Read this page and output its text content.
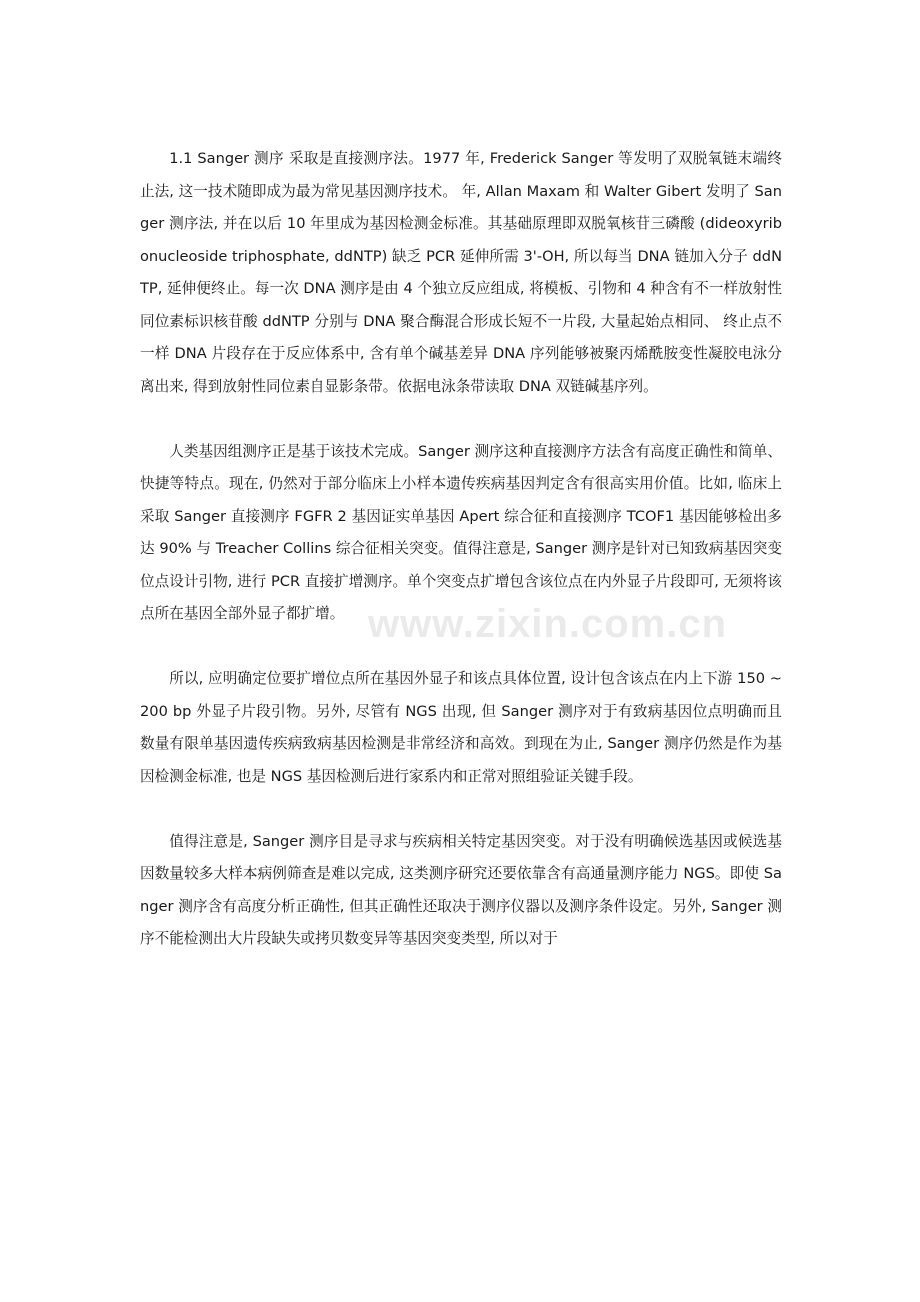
1.1 Sanger 测序 采取是直接测序法。1977 年, Frederick Sanger 等发明了双脱氧链末端终止法, 这一技术随即成为最为常见基因测序技术。 年, Allan Maxam 和 Walter Gibert 发明了 Sanger 测序法, 并在以后 10 年里成为基因检测金标准。其基础原理即双脱氧核苷三磷酸 (dideoxyribonucleoside triphosphate, ddNTP) 缺乏 PCR 延伸所需 3'-OH, 所以每当 DNA 链加入分子 ddNTP, 延伸便终止。每一次 DNA 测序是由 4 个独立反应组成, 将模板、引物和 4 种含有不一样放射性同位素标识核苷酸 ddNTP 分别与 DNA 聚合酶混合形成长短不一片段, 大量起始点相同、 终止点不一样 DNA 片段存在于反应体系中, 含有单个碱基差异 DNA 序列能够被聚丙烯酰胺变性凝胶电泳分离出来, 得到放射性同位素自显影条带。依据电泳条带读取 DNA 双链碱基序列。

人类基因组测序正是基于该技术完成。Sanger 测序这种直接测序方法含有高度正确性和简单、 快捷等特点。现在, 仍然对于部分临床上小样本遗传疾病基因判定含有很高实用价值。比如, 临床上采取 Sanger 直接测序 FGFR 2 基因证实单基因 Apert 综合征和直接测序 TCOF1 基因能够检出多达 90% 与 Treacher Collins 综合征相关突变。值得注意是, Sanger 测序是针对已知致病基因突变位点设计引物, 进行 PCR 直接扩增测序。单个突变点扩增包含该位点在内外显子片段即可, 无须将该点所在基因全部外显子都扩增。

所以, 应明确定位要扩增位点所在基因外显子和该点具体位置, 设计包含该点在内上下游 150 ~ 200 bp 外显子片段引物。另外, 尽管有 NGS 出现, 但 Sanger 测序对于有致病基因位点明确而且数量有限单基因遗传疾病致病基因检测是非常经济和高效。到现在为止, Sanger 测序仍然是作为基因检测金标准, 也是 NGS 基因检测后进行家系内和正常对照组验证关键手段。

值得注意是, Sanger 测序目是寻求与疾病相关特定基因突变。对于没有明确候选基因或候选基因数量较多大样本病例筛查是难以完成, 这类测序研究还要依靠含有高通量测序能力 NGS。即使 Sanger 测序含有高度分析正确性, 但其正确性还取决于测序仪器以及测序条件设定。另外, Sanger 测序不能检测出大片段缺失或拷贝数变异等基因突变类型, 所以对于

www.zixin.com.cn
